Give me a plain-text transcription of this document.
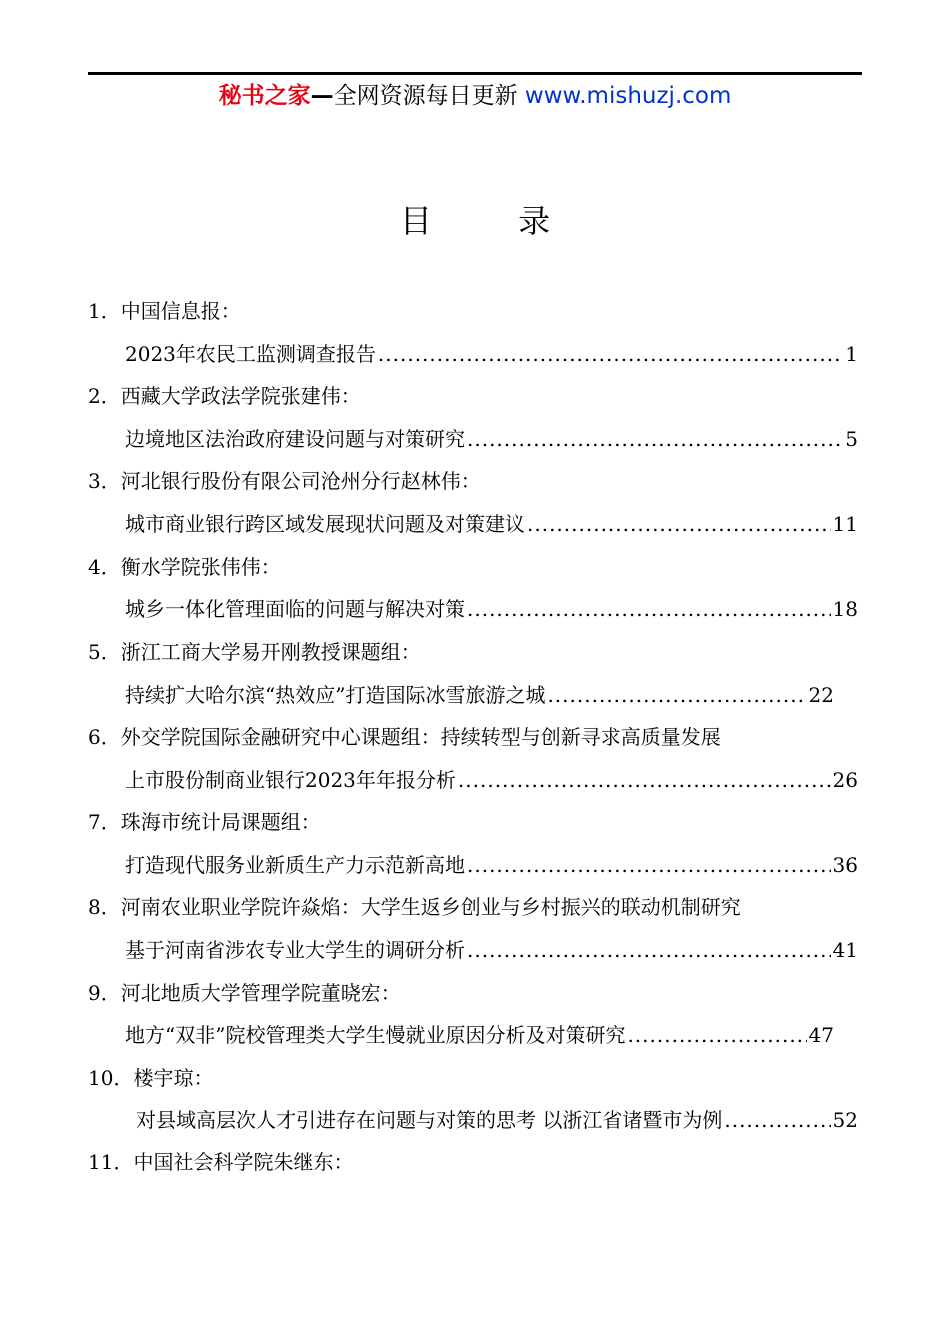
秘书之家—全网资源每日更新 www.mishuzj.com
目 录
1．中国信息报：
2023年农民工监测调查报告 .....	1
2．西藏大学政法学院张建伟：
边境地区法治政府建设问题与对策研究 .....	5
3．河北银行股份有限公司沧州分行赵林伟：
城市商业银行跨区域发展现状问题及对策建议 .....	11
4．衡水学院张伟伟：
城乡一体化管理面临的问题与解决对策 .....	18
5．浙江工商大学易开刚教授课题组：
持续扩大哈尔滨“热效应”打造国际冰雪旅游之城 .....	22
6．外交学院国际金融研究中心课题组：持续转型与创新寻求高质量发展
上市股份制商业银行2023年年报分析 .....	26
7．珠海市统计局课题组：
打造现代服务业新质生产力示范新高地 .....	36
8．河南农业职业学院许焱焰：大学生返乡创业与乡村振兴的联动机制研究
基于河南省涉农专业大学生的调研分析 .....	41
9．河北地质大学管理学院董晓宏：
地方“双非”院校管理类大学生慢就业原因分析及对策研究 .....	47
10．楼宇琼：
对县域高层次人才引进存在问题与对策的思考 以浙江省诸暨市为例 .....	52
11．中国社会科学院朱继东：
